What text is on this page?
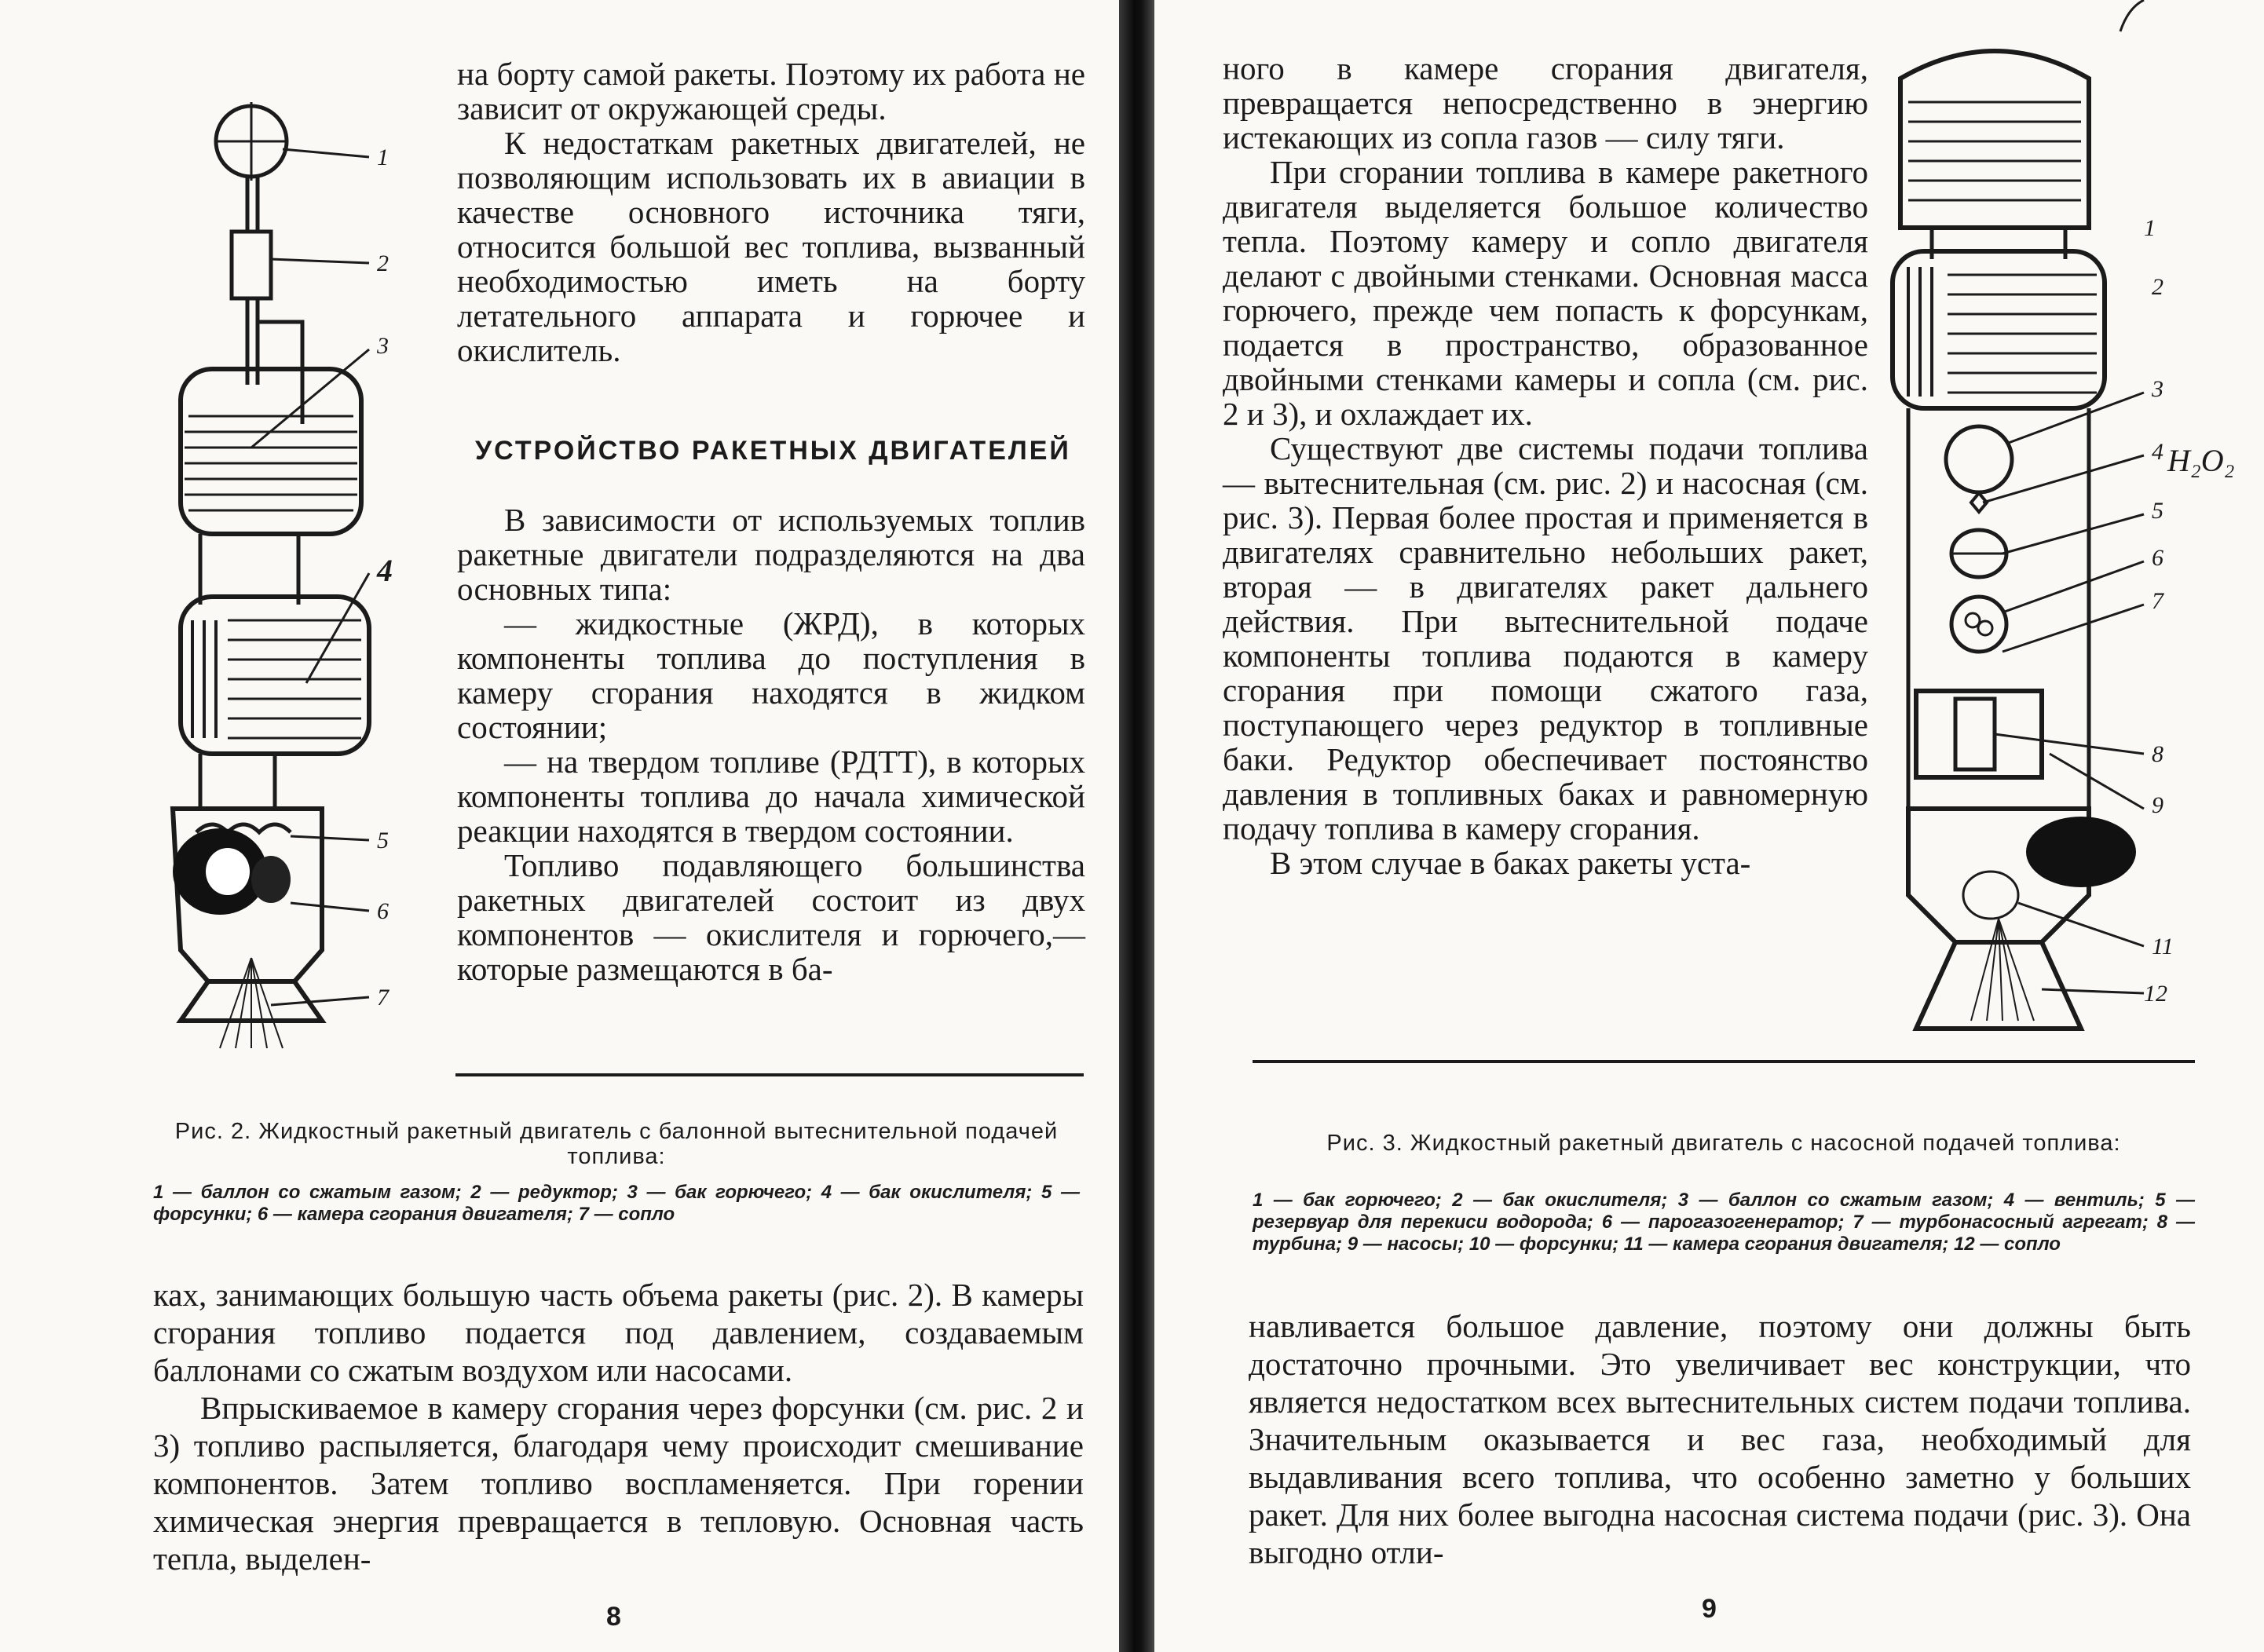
1
2
3
4
5
6
7

на борту самой ракеты. Поэтому их работа не зависит от окружающей среды.

К недостаткам ракетных двигателей, не позволяющим использовать их в авиации в качестве основного источника тяги, относится большой вес топлива, вызванный необходимостью иметь на борту летательного аппарата и горючее и окислитель.

УСТРОЙСТВО РАКЕТНЫХ ДВИГАТЕЛЕЙ

В зависимости от используемых топлив ракетные двигатели подразделяются на два основных типа:

— жидкостные (ЖРД), в которых компоненты топлива до поступления в камеру сгорания находятся в жидком состоянии;

— на твердом топливе (РДТТ), в которых компоненты топлива до начала химической реакции находятся в твердом состоянии.

Топливо подавляющего большинства ракетных двигателей состоит из двух компонентов — окислителя и горючего,— которые размещаются в ба-

Рис. 2. Жидкостный ракетный двигатель с балонной вытеснительной подачей топлива:
1 — баллон со сжатым газом; 2 — редуктор; 3 — бак горючего; 4 — бак окислителя; 5 — форсунки; 6 — камера сгорания двигателя; 7 — сопло

ках, занимающих большую часть объема ракеты (рис. 2). В камеры сгорания топливо подается под давлением, создаваемым баллонами со сжатым воздухом или насосами.

Впрыскиваемое в камеру сгорания через форсунки (см. рис. 2 и 3) топливо распыляется, благодаря чему происходит смешивание компонентов. Затем топливо воспламеняется. При горении химическая энергия превращается в тепловую. Основная часть тепла, выделен-

8

ного в камере сгорания двигателя, превращается непосредственно в энергию истекающих из сопла газов — силу тяги.

При сгорании топлива в камере ракетного двигателя выделяется большое количество тепла. Поэтому камеру и сопло двигателя делают с двойными стенками. Основная масса горючего, прежде чем попасть к форсункам, подается в пространство, образованное двойными стенками камеры и сопла (см. рис. 2 и 3), и охлаждает их.

Существуют две системы подачи топлива — вытеснительная (см. рис. 2) и насосная (см. рис. 3). Первая более простая и применяется в двигателях сравнительно небольших ракет, вторая — в двигателях ракет дальнего действия. При вытеснительной подаче компоненты топлива подаются в камеру сгорания при помощи сжатого газа, поступающего через редуктор в топливные баки. Редуктор обеспечивает постоянство давления в топливных баках и равномерную подачу топлива в камеру сгорания.

В этом случае в баках ракеты уста-

1
2
3
4
5
6
7
8
9
11
12
H₂O₂
Рис. 3. Жидкостный ракетный двигатель с насосной подачей топлива:
1 — бак горючего; 2 — бак окислителя; 3 — баллон со сжатым газом; 4 — вентиль; 5 — резервуар для перекиси водорода; 6 — парогазогенератор; 7 — турбонасосный агрегат; 8 — турбина; 9 — насосы; 10 — форсунки; 11 — камера сгорания двигателя; 12 — сопло

навливается большое давление, поэтому они должны быть достаточно прочными. Это увеличивает вес конструкции, что является недостатком всех вытеснительных систем подачи топлива. Значительным оказывается и вес газа, необходимый для выдавливания всего топлива, что особенно заметно у больших ракет. Для них более выгодна насосная система подачи (рис. 3). Она выгодно отли-

9
